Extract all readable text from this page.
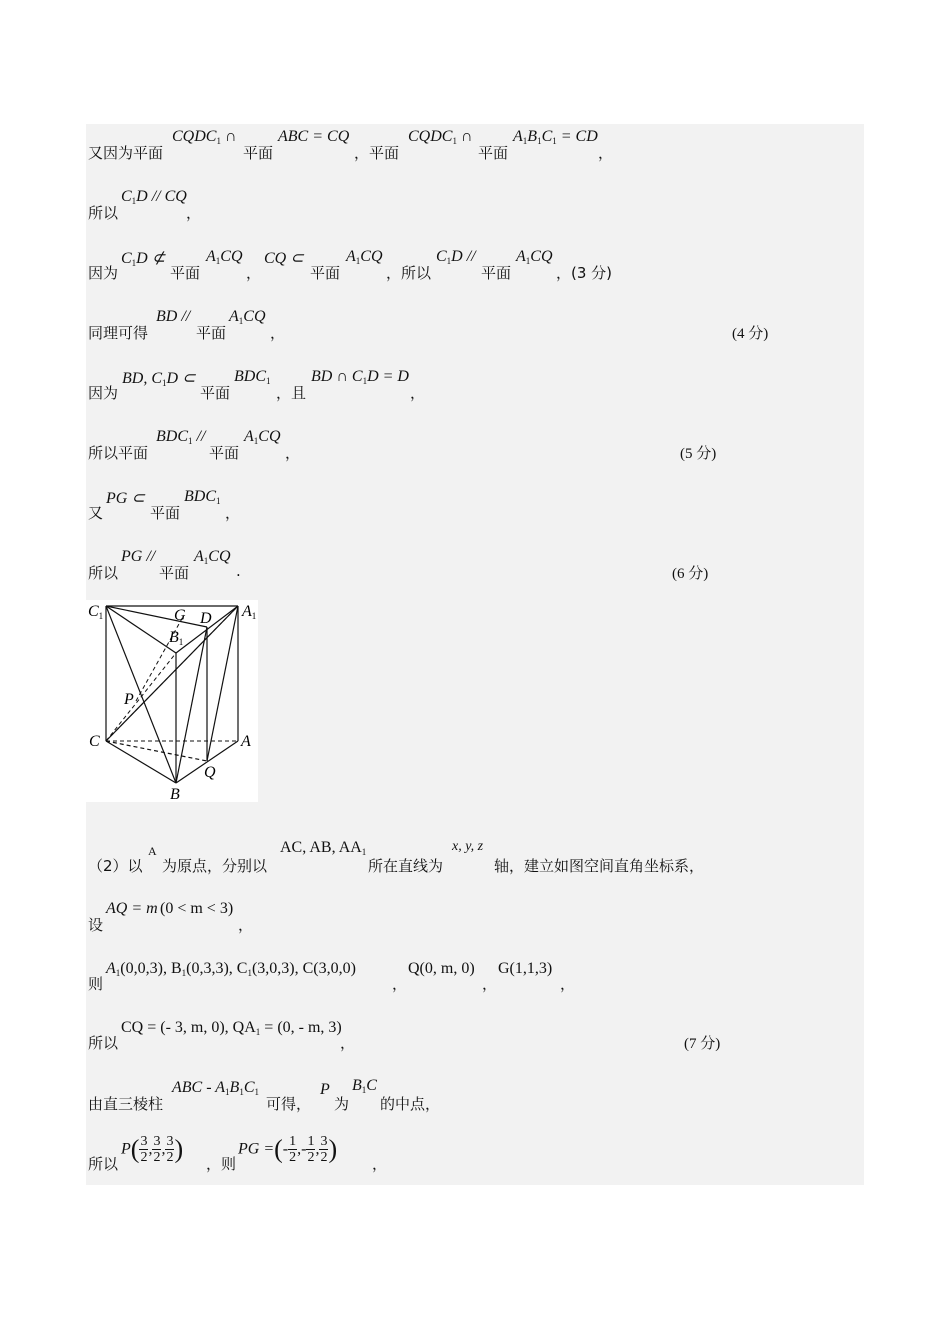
又因为平面
$CQDC_1$ ∩
平面
ABC = CQ
，平面
$CQDC_1$ ∩
平面
$A_1B_1C_1$ = CD
，
所以
$C_1D$ // CQ
，
因为
$C_1D$ ⊄
平面
$A_1CQ$
，
CQ ⊂
平面
$A_1CQ$
，所以
$C_1D$ //
平面
$A_1CQ$
，(3 分)
同理可得
BD //
平面
$A_1CQ$
，	(4 分)
因为
BD, $C_1D$ ⊂
平面
$BDC_1$
，且
BD ∩ $C_1D = D$
，
所以平面
$BDC_1$ //
平面
$A_1CQ$
，	(5 分)
又
PG ⊂
平面
$BDC_1$
，
所以
PG //
平面
$A_1CQ$
.	(6 分)
C1	G D A1
B1
P
C	A
Q
B
（2）以
A
为原点，分别以
AC, AB, $AA_1$
所在直线为
x, y, z
轴，建立如图空间直角坐标系，
设
AQ = m (0 < m < 3)
，
则
$A_1(0,0,3)$, $B_1(0,3,3)$, $C_1(3,0,3)$, C(3,0,0)
，
Q(0, m, 0)
，
G(1,1,3)
，
所以
CQ = (- 3, m, 0), $QA_1 = (0$, - m, 3)
，	(7 分)
由直三棱柱
ABC - $A_1B_1C_1$
可得，
P
为
$B_1C$
的中点，
所以
$P( \frac{3}{2}$ , $\frac{3}{2}$ , $\frac{3}{2}$ )
，则
PG =(- $\frac{1}{2}$ ,- $\frac{1}{2}$ , $\frac{3}{2}$ )
，
